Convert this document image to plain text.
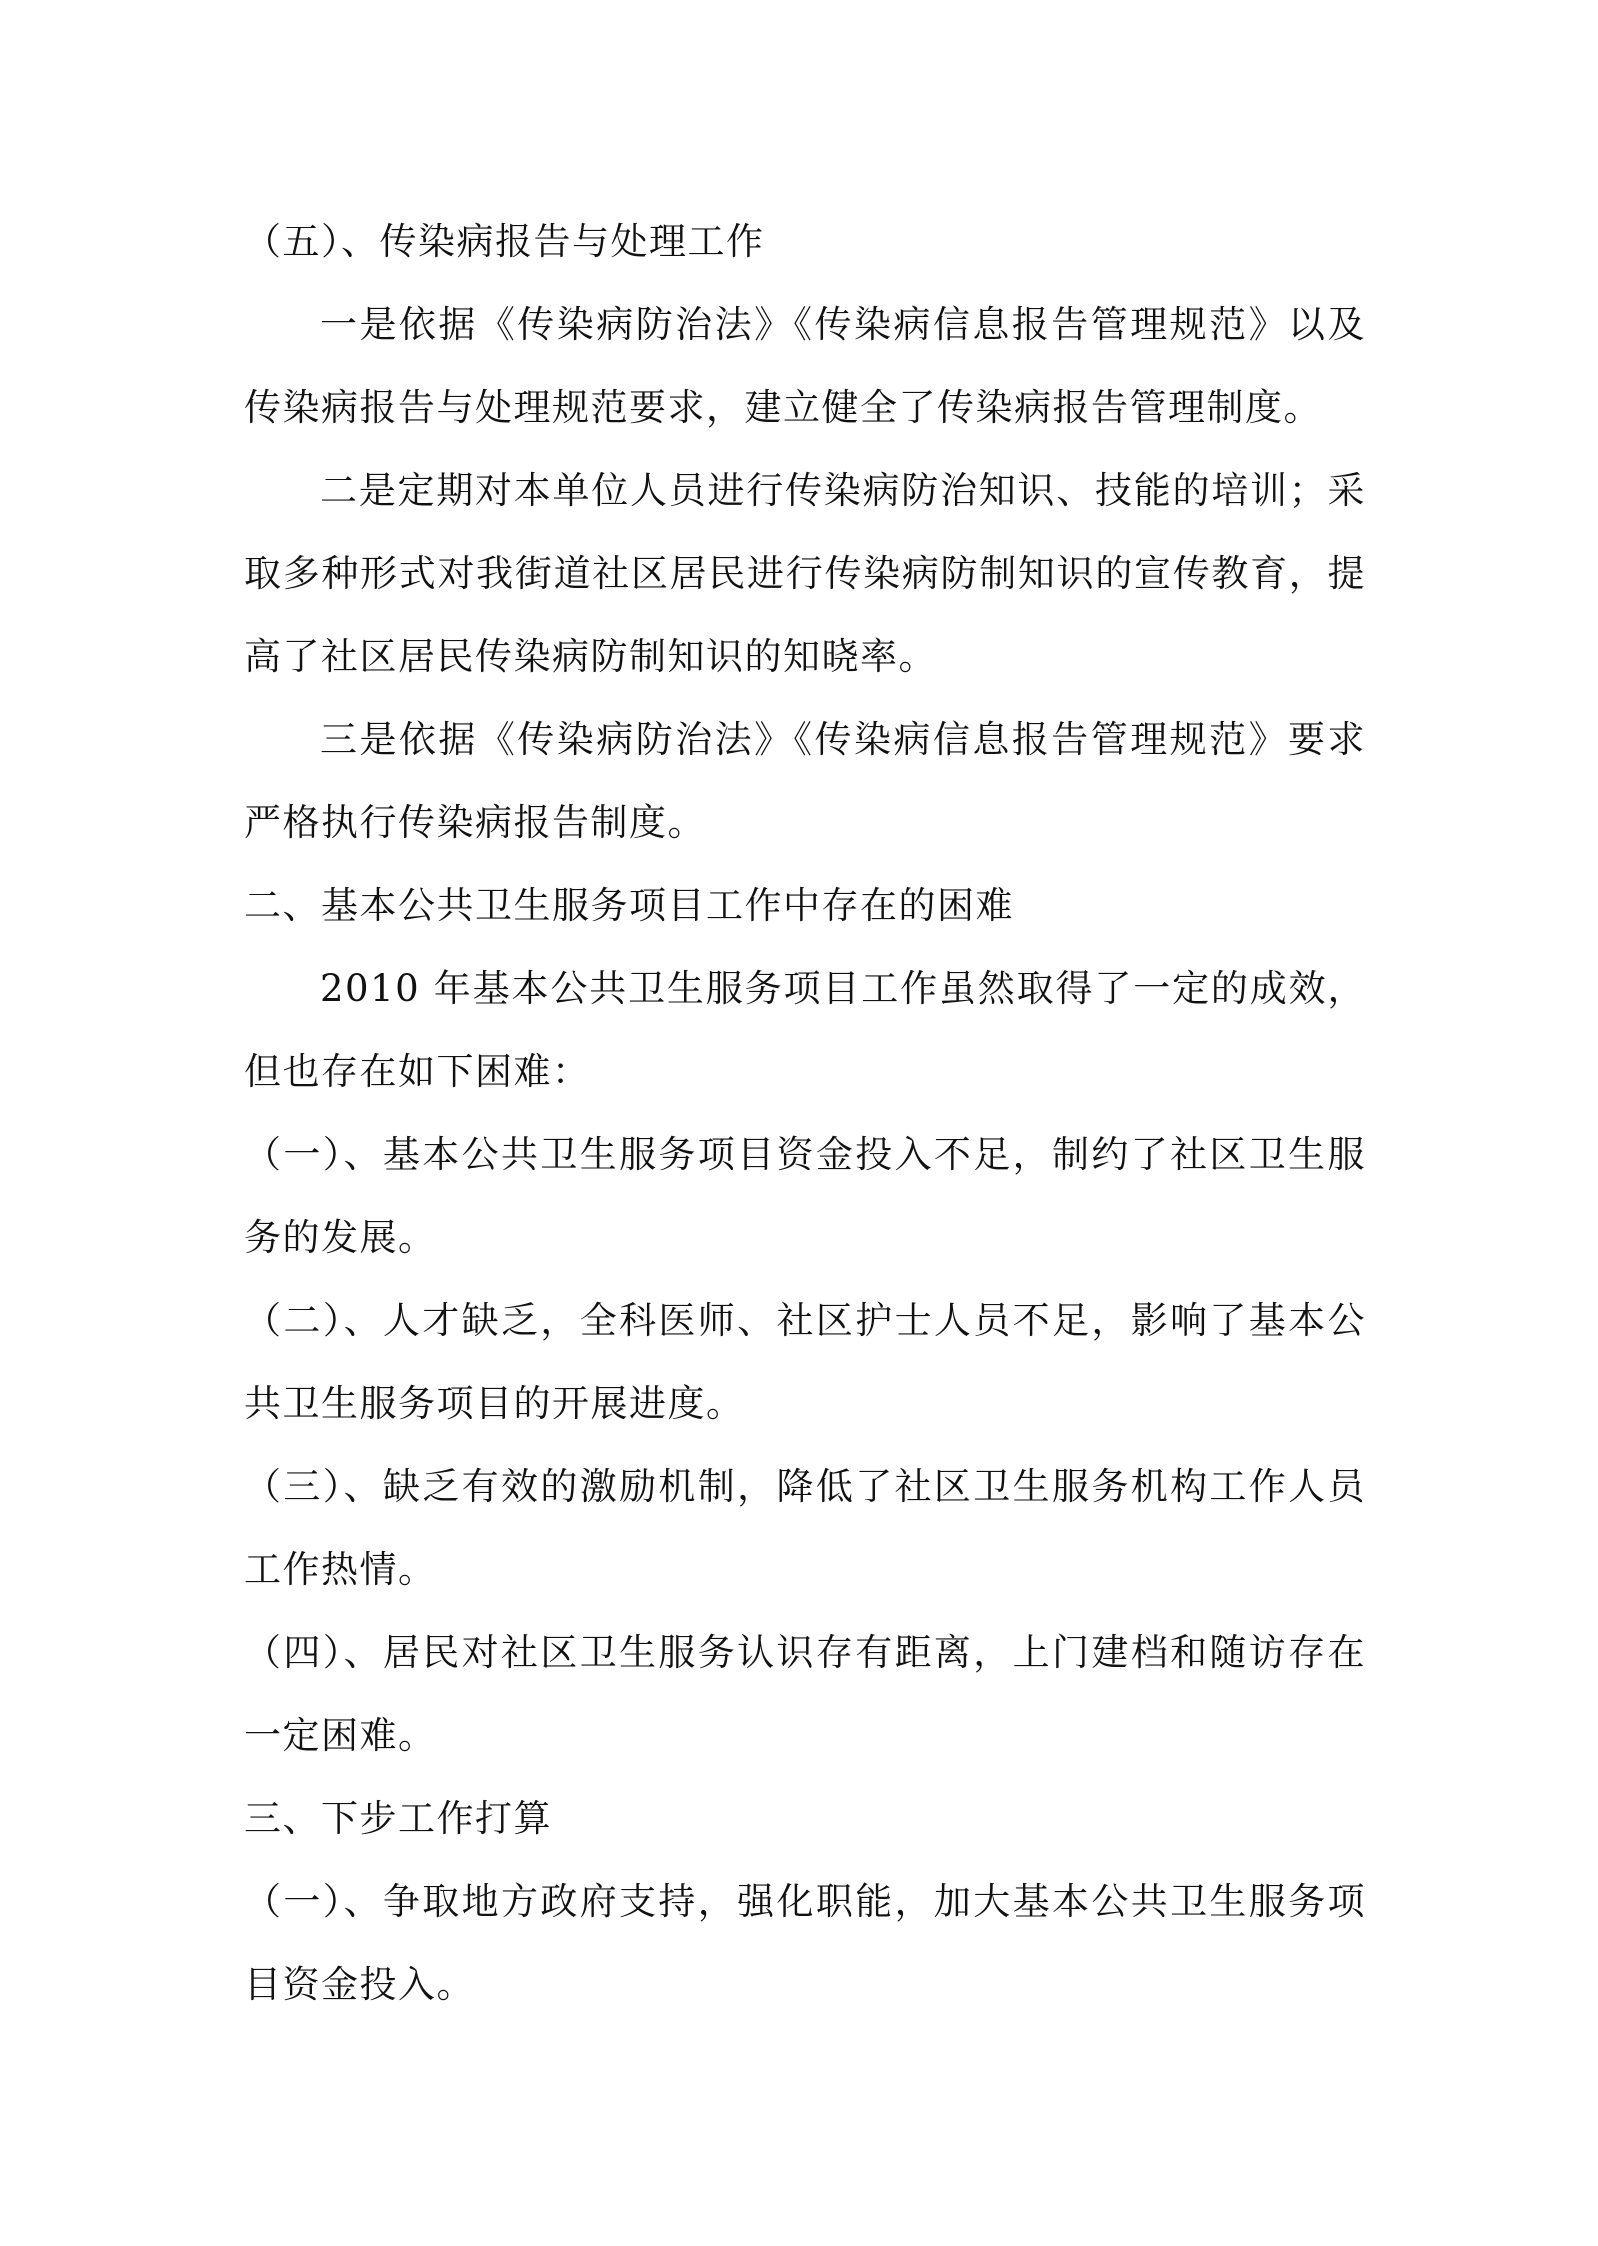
（五）、传染病报告与处理工作

一是依据《传染病防治法》《传染病信息报告管理规范》以及传染病报告与处理规范要求，建立健全了传染病报告管理制度。

二是定期对本单位人员进行传染病防治知识、技能的培训；采取多种形式对我街道社区居民进行传染病防制知识的宣传教育，提高了社区居民传染病防制知识的知晓率。

三是依据《传染病防治法》《传染病信息报告管理规范》要求严格执行传染病报告制度。

二、基本公共卫生服务项目工作中存在的困难

2010 年基本公共卫生服务项目工作虽然取得了一定的成效，但也存在如下困难：

（一）、基本公共卫生服务项目资金投入不足，制约了社区卫生服务的发展。

（二）、人才缺乏，全科医师、社区护士人员不足，影响了基本公共卫生服务项目的开展进度。

（三）、缺乏有效的激励机制，降低了社区卫生服务机构工作人员工作热情。

（四）、居民对社区卫生服务认识存有距离，上门建档和随访存在一定困难。

三、下步工作打算

（一）、争取地方政府支持，强化职能，加大基本公共卫生服务项目资金投入。
